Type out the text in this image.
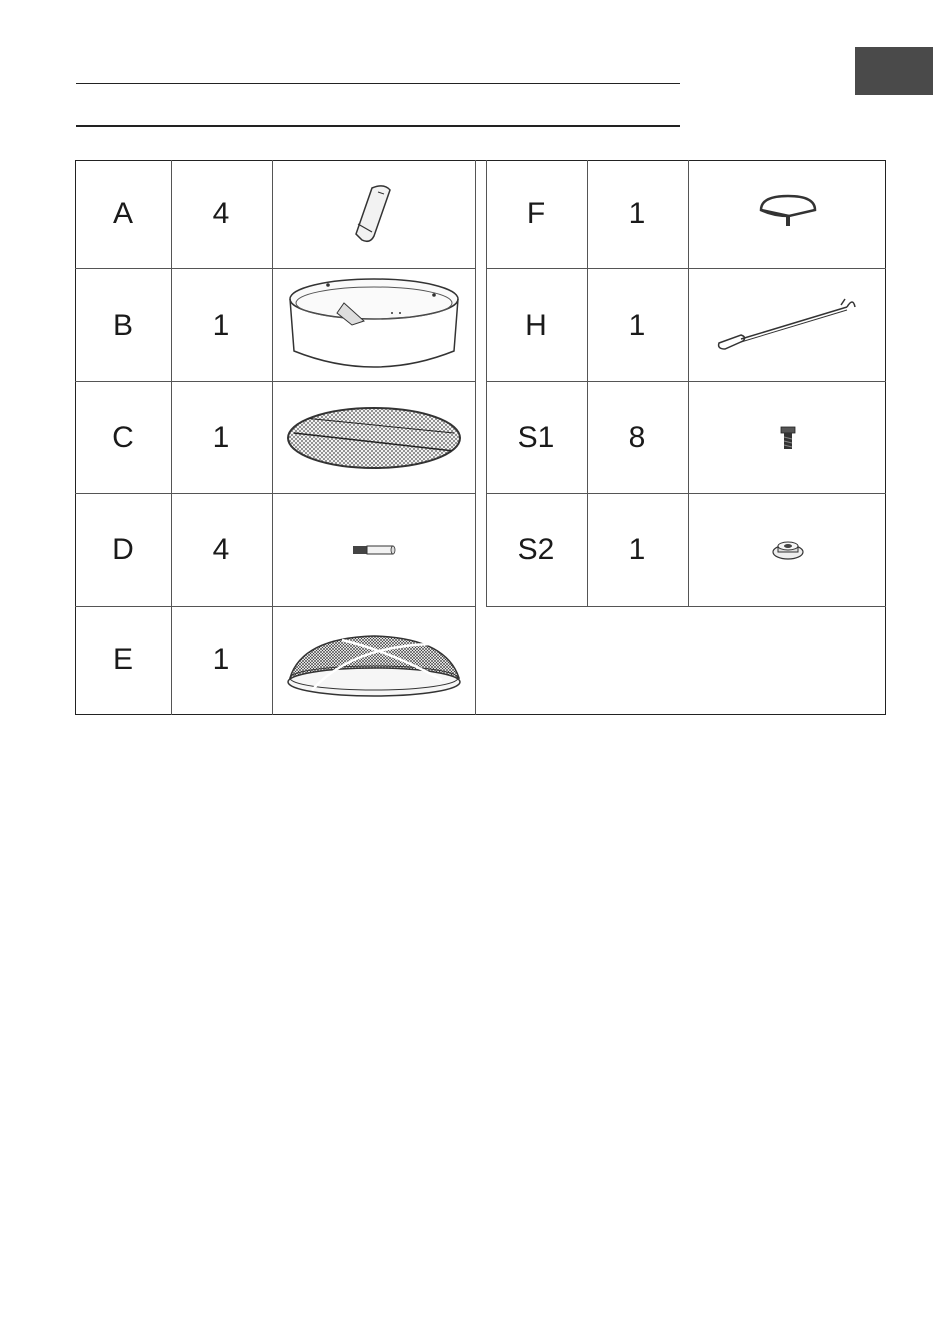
A	4
B	1
C	1
D	4
E	1
F	1
H	1
S1	8
S2	1
